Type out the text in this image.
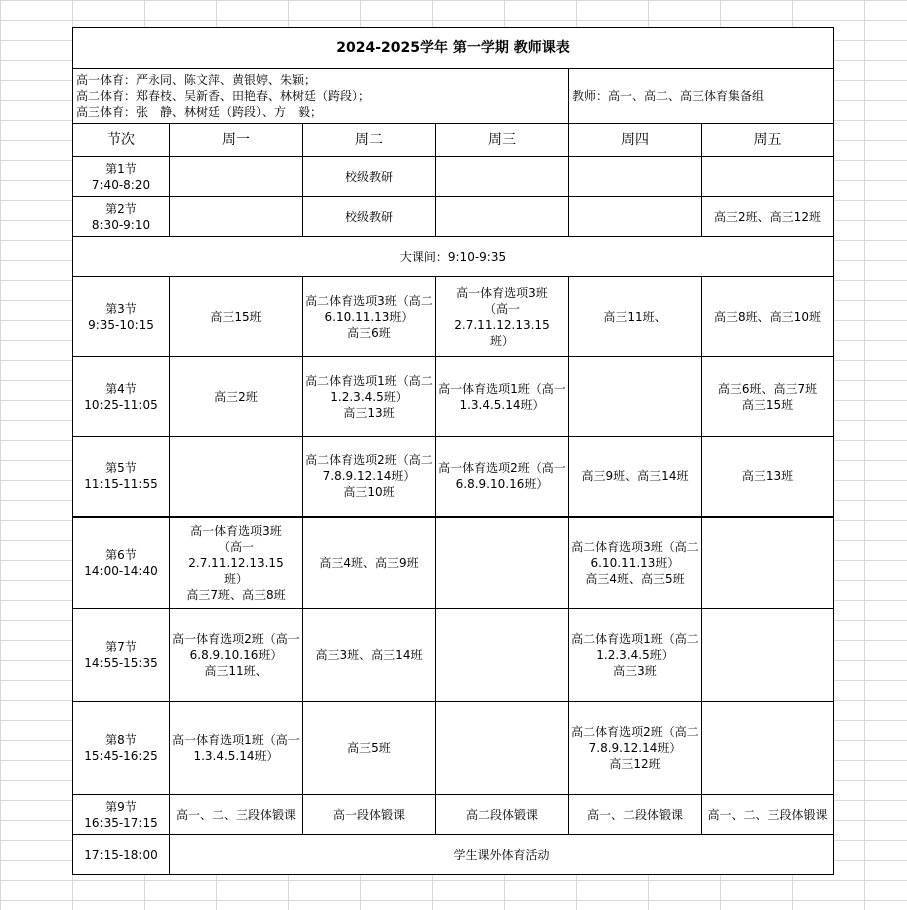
2024-2025学年 第一学期 教师课表					

高一体育：严永同、陈文萍、黄银婷、朱颖；
高二体育：郑春枝、吴新香、田艳春、林树廷（跨段）；
高三体育：张　静、林树廷（跨段）、方　毅；				教师：高一、高二、高三体育集备组	
节次	周一	周二	周三	周四	周五

第1节
7:40-8:20		校级教研			

第2节
8:30-9:10		校级教研			高三2班、高三12班

大课间：9:10-9:35					

第3节
9:35-10:15	高三15班	高二体育选项3班（高二6.10.11.13班）
高三6班	高一体育选项3班
（高一
2.7.11.12.13.15
班）	高三11班、	高三8班、高三10班

第4节
10:25-11:05	高三2班	高二体育选项1班（高二1.2.3.4.5班）
高三13班	高一体育选项1班（高一1.3.4.5.14班）		高三6班、高三7班
高三15班

第5节
11:15-11:55		高二体育选项2班（高二7.8.9.12.14班）
高三10班	高一体育选项2班（高一6.8.9.10.16班）	高三9班、高三14班	高三13班

第6节
14:00-14:40	高一体育选项3班
（高一
2.7.11.12.13.15
班）
高三7班、高三8班	高三4班、高三9班		高二体育选项3班（高二6.10.11.13班）
高三4班、高三5班	

第7节
14:55-15:35	高一体育选项2班（高一6.8.9.10.16班）
高三11班、	高三3班、高三14班		高二体育选项1班（高二1.2.3.4.5班）
高三3班	

第8节
15:45-16:25	高一体育选项1班（高一1.3.4.5.14班）	高三5班		高二体育选项2班（高二7.8.9.12.14班）
高三12班	

第9节
16:35-17:15	高一、二、三段体锻课	高一段体锻课	高二段体锻课	高一、二段体锻课	高一、二、三段体锻课

17:15-18:00	学生课外体育活动				
